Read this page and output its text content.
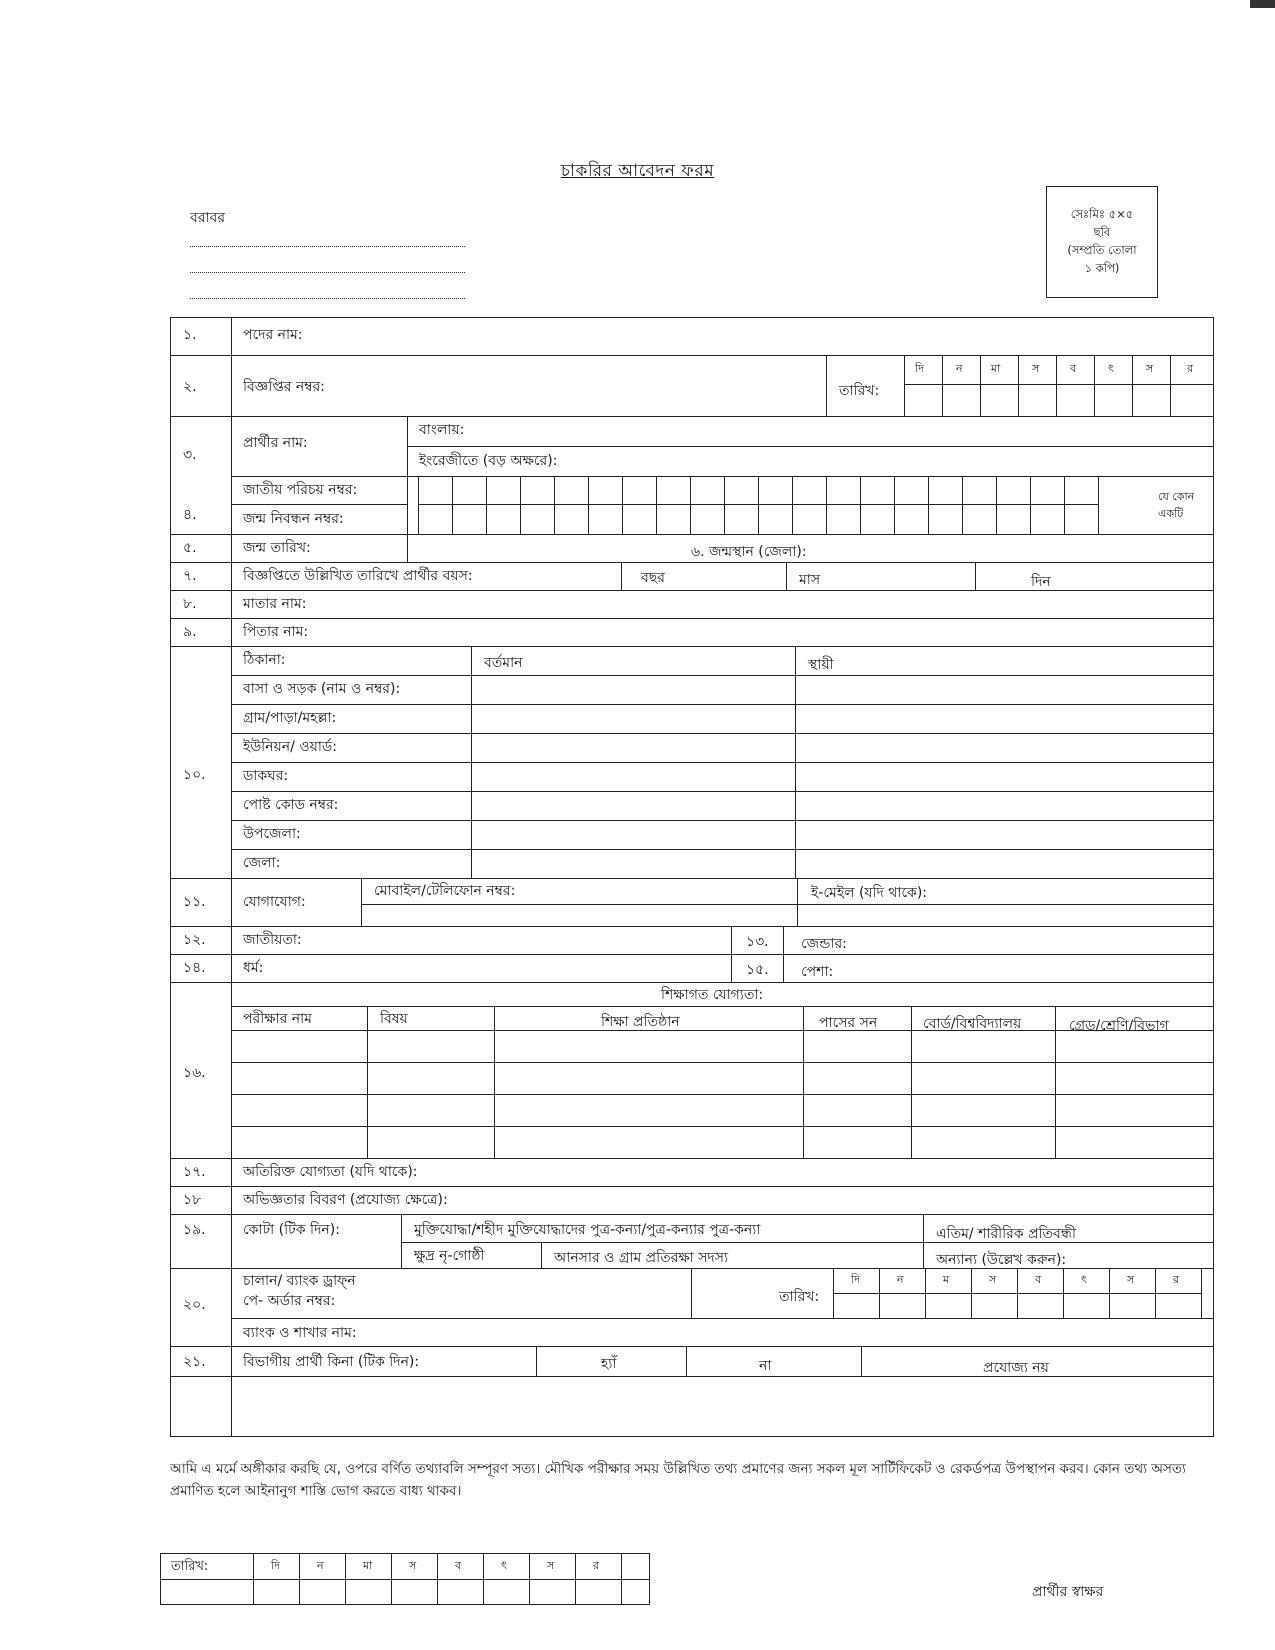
চাকরির আবেদন ফরম
বরাবর	সেঃমিঃ ৫×৫
ছবি
(সম্প্রতি তোলা
১ কপি)
১.	পদের নাম:
২.	বিজ্ঞপ্তির নম্বর:	তারিখ:
দি	ন	মা	স	ব	ৎ	স	র
৩.
প্রার্থীর নাম:
বাংলায়:
ইংরেজীতে (বড় অক্ষরে):
জাতীয় পরিচয় নম্বর:
৪.	জন্ম নিবন্ধন নম্বর:
যে কোন
একটি
৫.	জন্ম তারিখ:	৬. জন্মস্থান (জেলা):
৭.	বিজ্ঞপ্তিতে উল্লিখিত তারিখে প্রার্থীর বয়স:	বছর	মাস	দিন
৮.	মাতার নাম:
৯.	পিতার নাম:
১০.
ঠিকানা:	বর্তমান	স্থায়ী
বাসা ও সড়ক (নাম ও নম্বর):
গ্রাম/পাড়া/মহল্লা:
ইউনিয়ন/ ওয়ার্ড:
ডাকঘর:
পোষ্ট কোড নম্বর:
উপজেলা:
জেলা:
১১.	যোগাযোগ:
মোবাইল/টেলিফোন নম্বর:	ই-মেইল (যদি থাকে):
১২.	জাতীয়তা:	১৩. জেন্ডার:
১৪.	ধর্ম:	১৫. পেশা:
১৬.
শিক্ষাগত যোগ্যতা:
পরীক্ষার নাম	বিষয়	শিক্ষা প্রতিষ্ঠান	পাসের সন	বোর্ড/বিশ্ববিদ্যালয়	গ্রেড/শ্রেণি/বিভাগ
১৭.	অতিরিক্ত যোগ্যতা (যদি থাকে):
১৮	অভিজ্ঞতার বিবরণ (প্রযোজ্য ক্ষেত্রে):
১৯.	কোটা (টিক দিন):	মুক্তিযোদ্ধা/শহীদ মুক্তিযোদ্ধাদের পুত্র-কন্যা/পুত্র-কন্যার পুত্র-কন্যা	এতিম/ শারীরিক প্রতিবন্ধী
ক্ষুদ্র নৃ-গোষ্ঠী	আনসার ও গ্রাম প্রতিরক্ষা সদস্য	অন্যান্য (উল্লেখ করুন):
২০.
চালান/ ব্যাংক ড্রাফ্ন
পে- অর্ডার নম্বর:	তারিখ:
দি	ন	ম	স	ব	ৎ	স	র
ব্যাংক ও শাখার নাম:
২১.	বিভাগীয় প্রার্থী কিনা (টিক দিন):	হ্যাঁ	না	প্রযোজ্য নয়
আমি এ মর্মে অঙ্গীকার করছি যে, ওপরে বর্ণিত তথ্যাবলি সম্পূরণ সত্য। মৌখিক পরীক্ষার সময় উল্লিখিত তথ্য প্রমাণের জন্য সকল মূল সার্টিফিকেট ও রেকর্ডপত্র উপস্থাপন করব। কোন তথ্য অসত্য প্রমাণিত হলে আইনানুগ শাস্তি ভোগ করতে বাধ্য থাকব।
তারিখ:	দি	ন	মা	স	ব	ৎ	স	র
প্রার্থীর স্বাক্ষর
